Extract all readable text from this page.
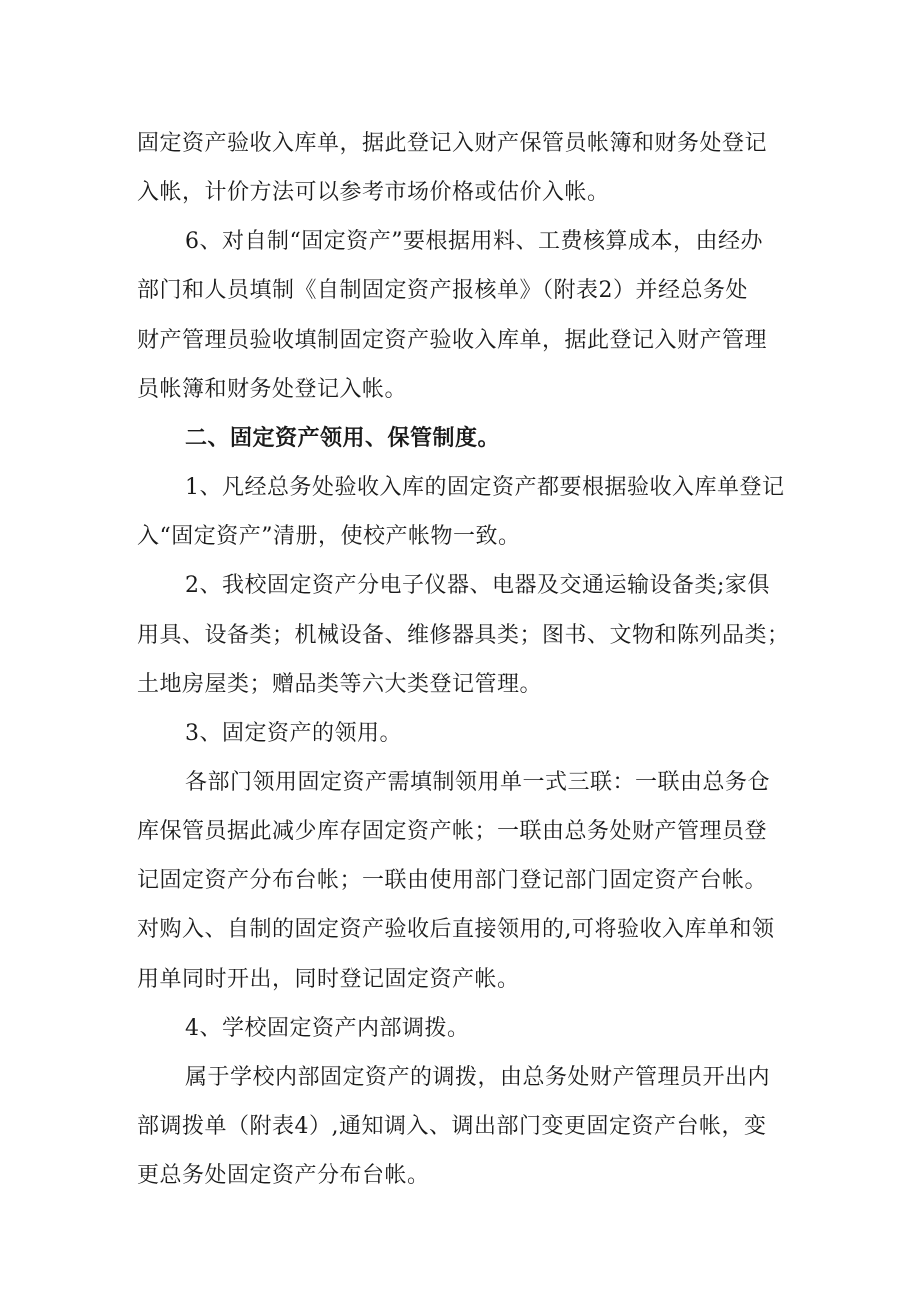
固定资产验收入库单，据此登记入财产保管员帐簿和财务处登记
入帐，计价方法可以参考市场价格或估价入帐。
6、对自制“固定资产”要根据用料、工费核算成本，由经办
部门和人员填制《自制固定资产报核单》（附表2）并经总务处
财产管理员验收填制固定资产验收入库单，据此登记入财产管理
员帐簿和财务处登记入帐。
二、固定资产领用、保管制度。
1、凡经总务处验收入库的固定资产都要根据验收入库单登记
入“固定资产”清册，使校产帐物一致。
2、我校固定资产分电子仪器、电器及交通运输设备类;家俱
用具、设备类；机械设备、维修器具类；图书、文物和陈列品类；
土地房屋类；赠品类等六大类登记管理。
3、固定资产的领用。
各部门领用固定资产需填制领用单一式三联：一联由总务仓
库保管员据此减少库存固定资产帐；一联由总务处财产管理员登
记固定资产分布台帐；一联由使用部门登记部门固定资产台帐。
对购入、自制的固定资产验收后直接领用的,可将验收入库单和领
用单同时开出，同时登记固定资产帐。
4、学校固定资产内部调拨。
属于学校内部固定资产的调拨，由总务处财产管理员开出内
部调拨单（附表4）,通知调入、调出部门变更固定资产台帐，变
更总务处固定资产分布台帐。
